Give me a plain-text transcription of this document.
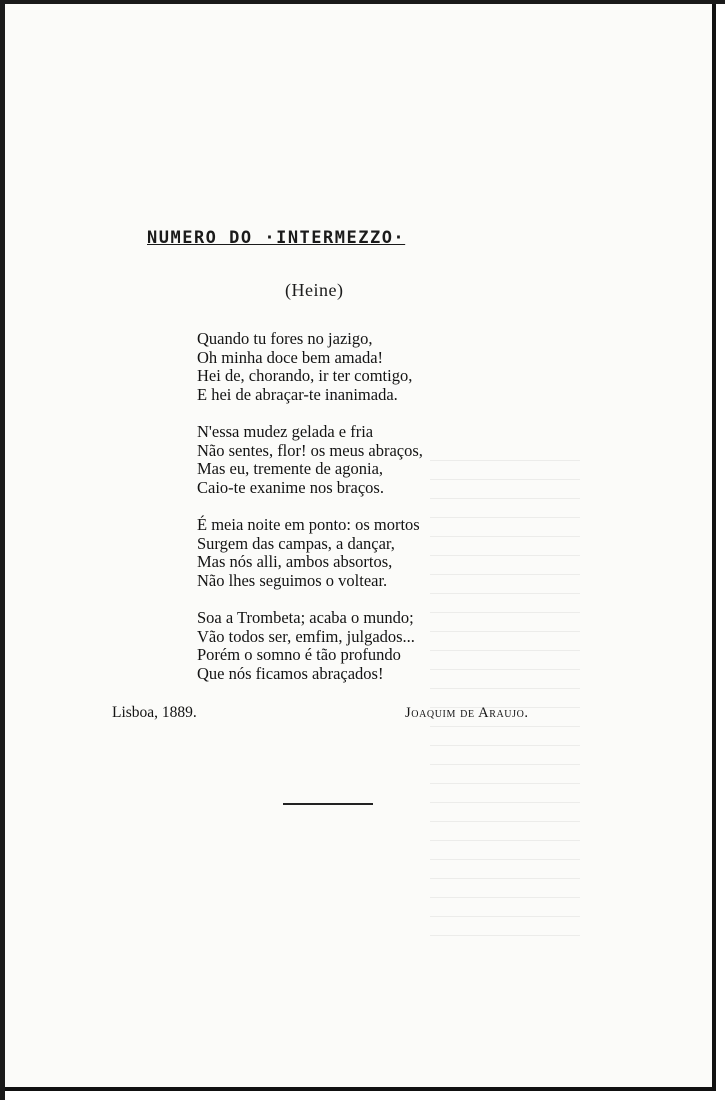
NUMERO DO ·INTERMEZZO·
(Heine)
Quando tu fores no jazigo,
Oh minha doce bem amada!
Hei de, chorando, ir ter comtigo,
E hei de abraçar-te inanimada.
N'essa mudez gelada e fria
Não sentes, flor! os meus abraços,
Mas eu, tremente de agonia,
Caio-te exanime nos braços.
É meia noite em ponto: os mortos
Surgem das campas, a dançar,
Mas nós alli, ambos absortos,
Não lhes seguimos o voltear.
Soa a Trombeta; acaba o mundo;
Vão todos ser, emfim, julgados...
Porém o somno é tão profundo
Que nós ficamos abraçados!
Lisboa, 1889.	Joaquim de Araujo.
